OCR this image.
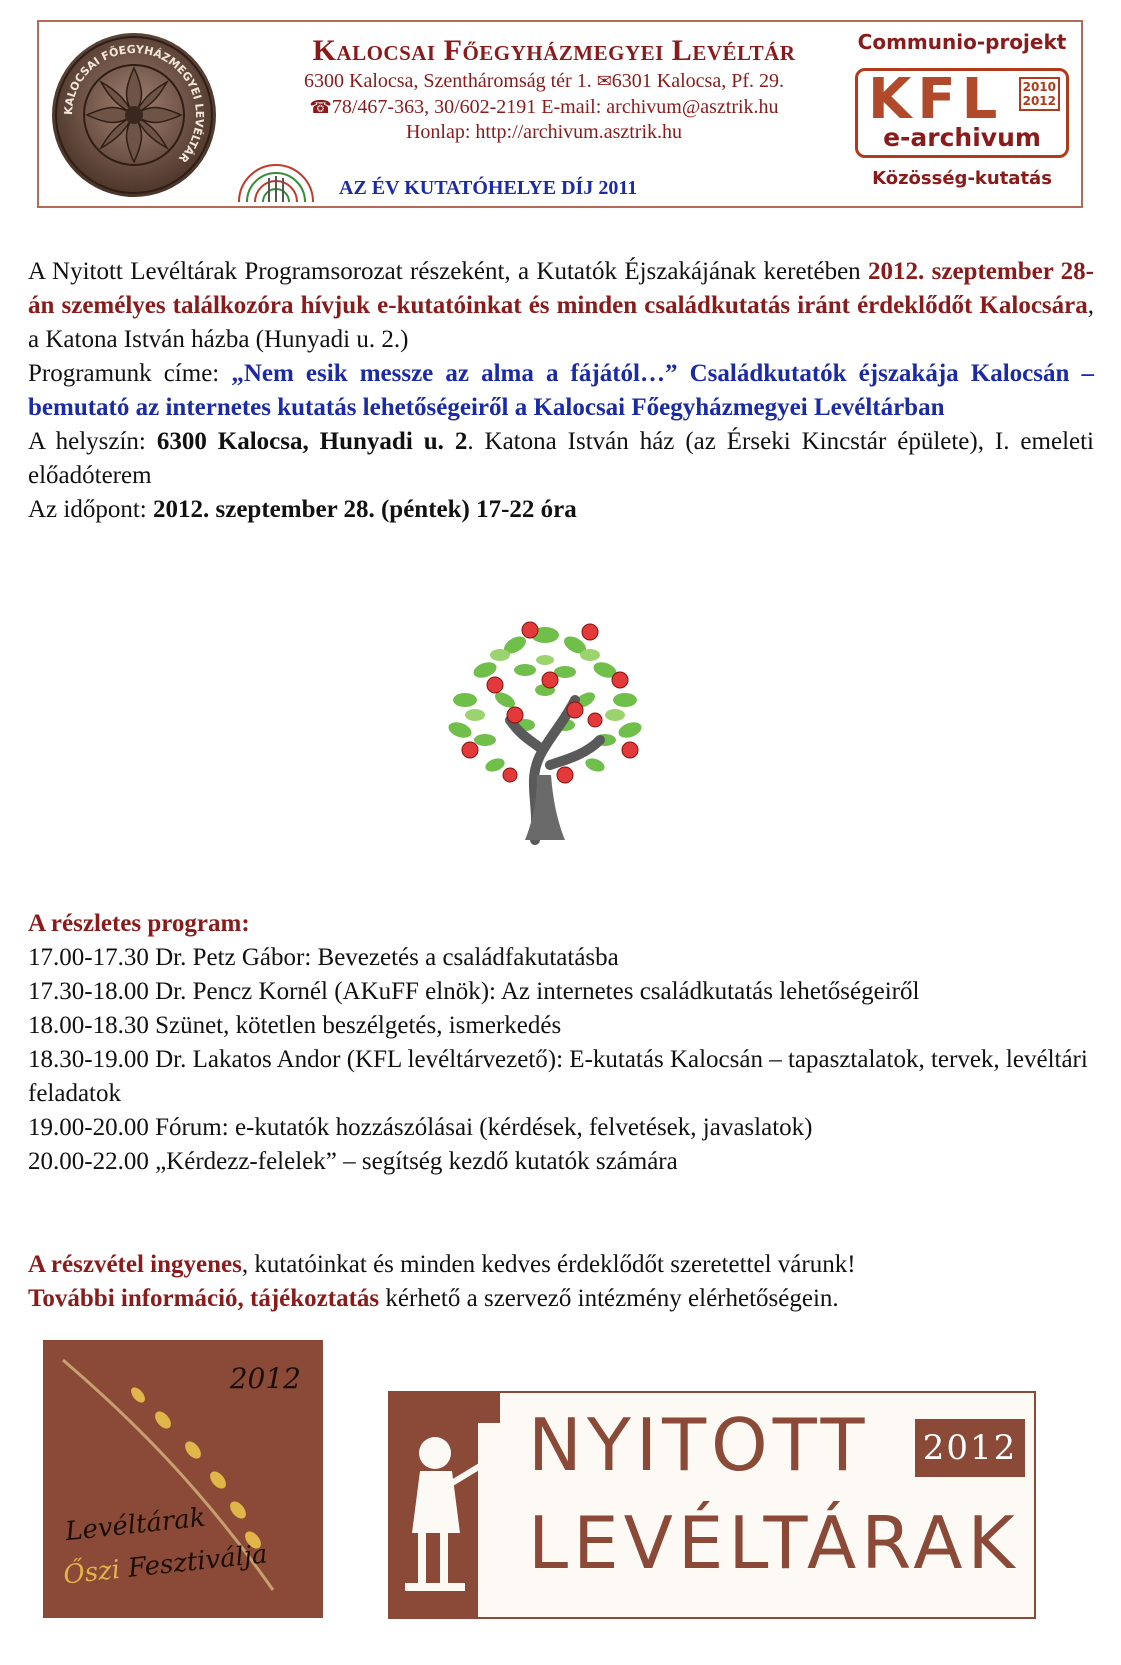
KALOCSAI FŐEGYHÁZMEGYEI LEVÉLTÁR
Kalocsai Főegyházmegyei Levéltár
6300 Kalocsa, Szentháromság tér 1. ✉6301 Kalocsa, Pf. 29.
☎78/467-363, 30/602-2191 E-mail: archivum@asztrik.hu
Honlap: http://archivum.asztrik.hu
AZ ÉV KUTATÓHELYE DÍJ 2011
Communio-projekt
KFL 2010
2012
e-archivum
Közösség-kutatás

A Nyitott Levéltárak Programsorozat részeként, a Kutatók Éjszakájának keretében 2012. szeptember 28-án személyes találkozóra hívjuk e-kutatóinkat és minden családkutatás iránt érdeklődőt Kalocsára, a Katona István házba (Hunyadi u. 2.)

Programunk címe: „Nem esik messze az alma a fájától…” Családkutatók éjszakája Kalocsán – bemutató az internetes kutatás lehetőségeiről a Kalocsai Főegyházmegyei Levéltárban

A helyszín: 6300 Kalocsa, Hunyadi u. 2. Katona István ház (az Érseki Kincstár épülete), I. emeleti előadóterem

Az időpont: 2012. szeptember 28. (péntek) 17-22 óra

A részletes program:

17.00-17.30 Dr. Petz Gábor: Bevezetés a családfakutatásba

17.30-18.00 Dr. Pencz Kornél (AKuFF elnök): Az internetes családkutatás lehetőségeiről

18.00-18.30 Szünet, kötetlen beszélgetés, ismerkedés

18.30-19.00 Dr. Lakatos Andor (KFL levéltárvezető): E-kutatás Kalocsán – tapasztalatok, tervek, levéltári feladatok

19.00-20.00 Fórum: e-kutatók hozzászólásai (kérdések, felvetések, javaslatok)

20.00-22.00 „Kérdezz-felelek” – segítség kezdő kutatók számára

A részvétel ingyenes, kutatóinkat és minden kedves érdeklődőt szeretettel várunk!

További információ, tájékoztatás kérhető a szervező intézmény elérhetőségein.

2012
Levéltárak
Őszi Fesztiválja
NYITOTT
LEVÉLTÁRAK
2012
